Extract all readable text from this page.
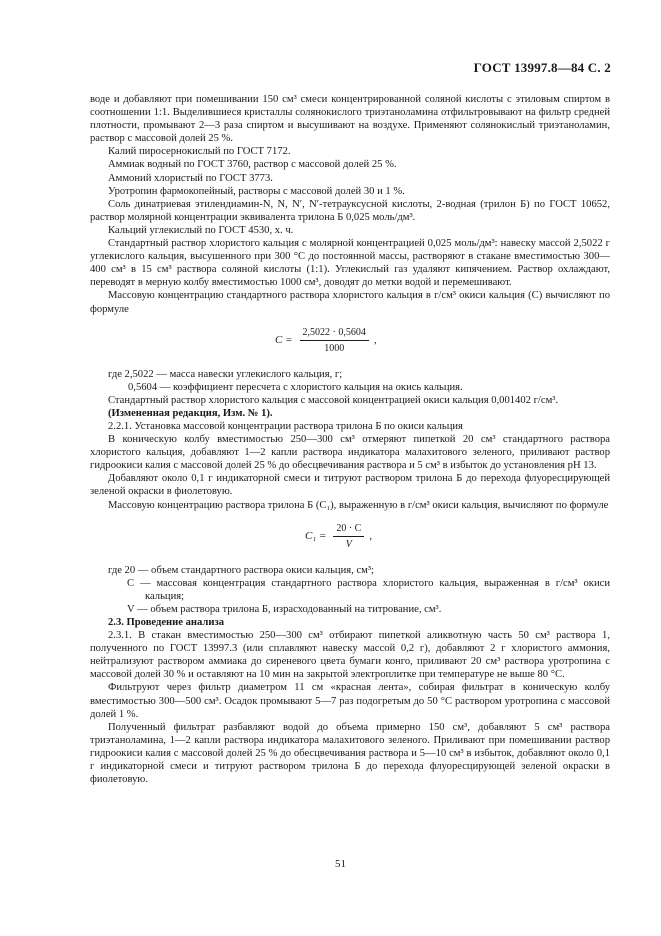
ГОСТ 13997.8—84 С. 2

воде и добавляют при помешивании 150 см³ смеси концентрированной соляной кислоты с этиловым спиртом в соотношении 1:1. Выделившиеся кристаллы солянокислого триэтаноламина отфильтровывают на фильтр средней плотности, промывают 2—3 раза спиртом и высушивают на воздухе. Применяют солянокислый триэтаноламин, раствор с массовой долей 25 %.

Калий пиросернокислый по ГОСТ 7172.

Аммиак водный по ГОСТ 3760, раствор с массовой долей 25 %.

Аммоний хлористый по ГОСТ 3773.

Уротропин фармокопейный, растворы с массовой долей 30 и 1 %.

Соль динатриевая этилендиамин-N, N, N′, N′-тетрауксусной кислоты, 2-водная (трилон Б) по ГОСТ 10652, раствор молярной концентрации эквивалента трилона Б 0,025 моль/дм³.

Кальций углекислый по ГОСТ 4530, х. ч.

Стандартный раствор хлористого кальция с молярной концентрацией 0,025 моль/дм³: навеску массой 2,5022 г углекислого кальция, высушенного при 300 °С до постоянной массы, растворяют в стакане вместимостью 300—400 см³ в 15 см³ раствора соляной кислоты (1:1). Углекислый газ удаляют кипячением. Раствор охлаждают, переводят в мерную колбу вместимостью 1000 см³, доводят до метки водой и перемешивают.

Массовую концентрацию стандартного раствора хлористого кальция в г/см³ окиси кальция (С) вычисляют по формуле

$С = \frac{2,5022 \cdot 0,5604}{1000}$ ,

где 2,5022 — масса навески углекислого кальция, г;

0,5604 — коэффициент пересчета с хлористого кальция на окись кальция.

Стандартный раствор хлористого кальция с массовой концентрацией окиси кальция 0,001402 г/см³.

(Измененная редакция, Изм. № 1).

2.2.1. Установка массовой концентрации раствора трилона Б по окиси кальция

В коническую колбу вместимостью 250—300 см³ отмеряют пипеткой 20 см³ стандартного раствора хлористого кальция, добавляют 1—2 капли раствора индикатора малахитового зеленого, приливают раствор гидроокиси калия с массовой долей 25 % до обесцвечивания раствора и 5 см³ в избыток до установления рН 13.

Добавляют около 0,1 г индикаторной смеси и титруют раствором трилона Б до перехода флуоресцирующей зеленой окраски в фиолетовую.

Массовую концентрацию раствора трилона Б (С₁), выраженную в г/см³ окиси кальция, вычисляют по формуле

$С_1 = \frac{20 \cdot С}{V}$ ,

где 20 — объем стандартного раствора окиси кальция, см³;

С — массовая концентрация стандартного раствора хлористого кальция, выраженная в г/см³ окиси кальция;

V — объем раствора трилона Б, израсходованный на титрование, см³.

2.3. Проведение анализа

2.3.1. В стакан вместимостью 250—300 см³ отбирают пипеткой аликвотную часть 50 см³ раствора 1, полученного по ГОСТ 13997.3 (или сплавляют навеску массой 0,2 г), добавляют 2 г хлористого аммония, нейтрализуют раствором аммиака до сиреневого цвета бумаги конго, приливают 20 см³ раствора уротропина с массовой долей 30 % и оставляют на 10 мин на закрытой электроплитке при температуре не выше 80 °С.

Фильтруют через фильтр диаметром 11 см «красная лента», собирая фильтрат в коническую колбу вместимостью 300—500 см³. Осадок промывают 5—7 раз подогретым до 50 °С раствором уротропина с массовой долей 1 %.

Полученный фильтрат разбавляют водой до объема примерно 150 см³, добавляют 5 см³ раствора триэтаноламина, 1—2 капли раствора индикатора малахитового зеленого. Приливают при помешивании раствор гидроокиси калия с массовой долей 25 % до обесцвечивания раствора и 5—10 см³ в избыток, добавляют около 0,1 г индикаторной смеси и титруют раствором трилона Б до перехода флуоресцирующей зеленой окраски в фиолетовую.

51
